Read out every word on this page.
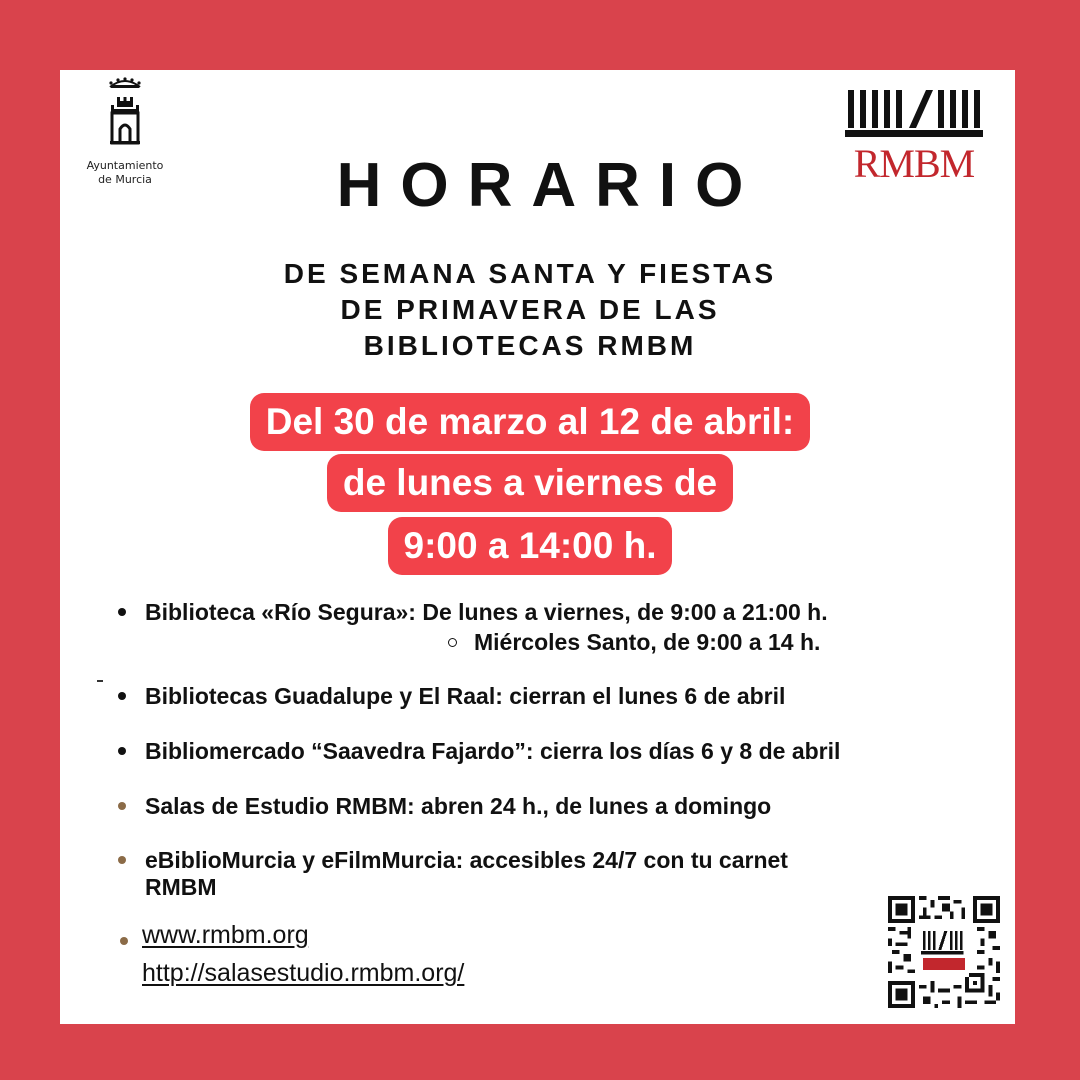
Ayuntamiento
de Murcia	RMBM
HORARIO
DE SEMANA SANTA Y FIESTAS
DE PRIMAVERA DE LAS
BIBLIOTECAS RMBM
Del 30 de marzo al 12 de abril:
de lunes a viernes de
9:00 a 14:00 h.
Biblioteca «Río Segura»: De lunes a viernes, de 9:00 a 21:00 h.
Miércoles Santo, de 9:00 a 14 h.
Bibliotecas Guadalupe y El Raal: cierran el lunes 6 de abril
Bibliomercado “Saavedra Fajardo”: cierra los días 6 y 8 de abril
Salas de Estudio RMBM: abren 24 h., de lunes a domingo
eBiblioMurcia y eFilmMurcia: accesibles 24/7 con tu carnet
RMBM
www.rmbm.org
http://salasestudio.rmbm.org/
